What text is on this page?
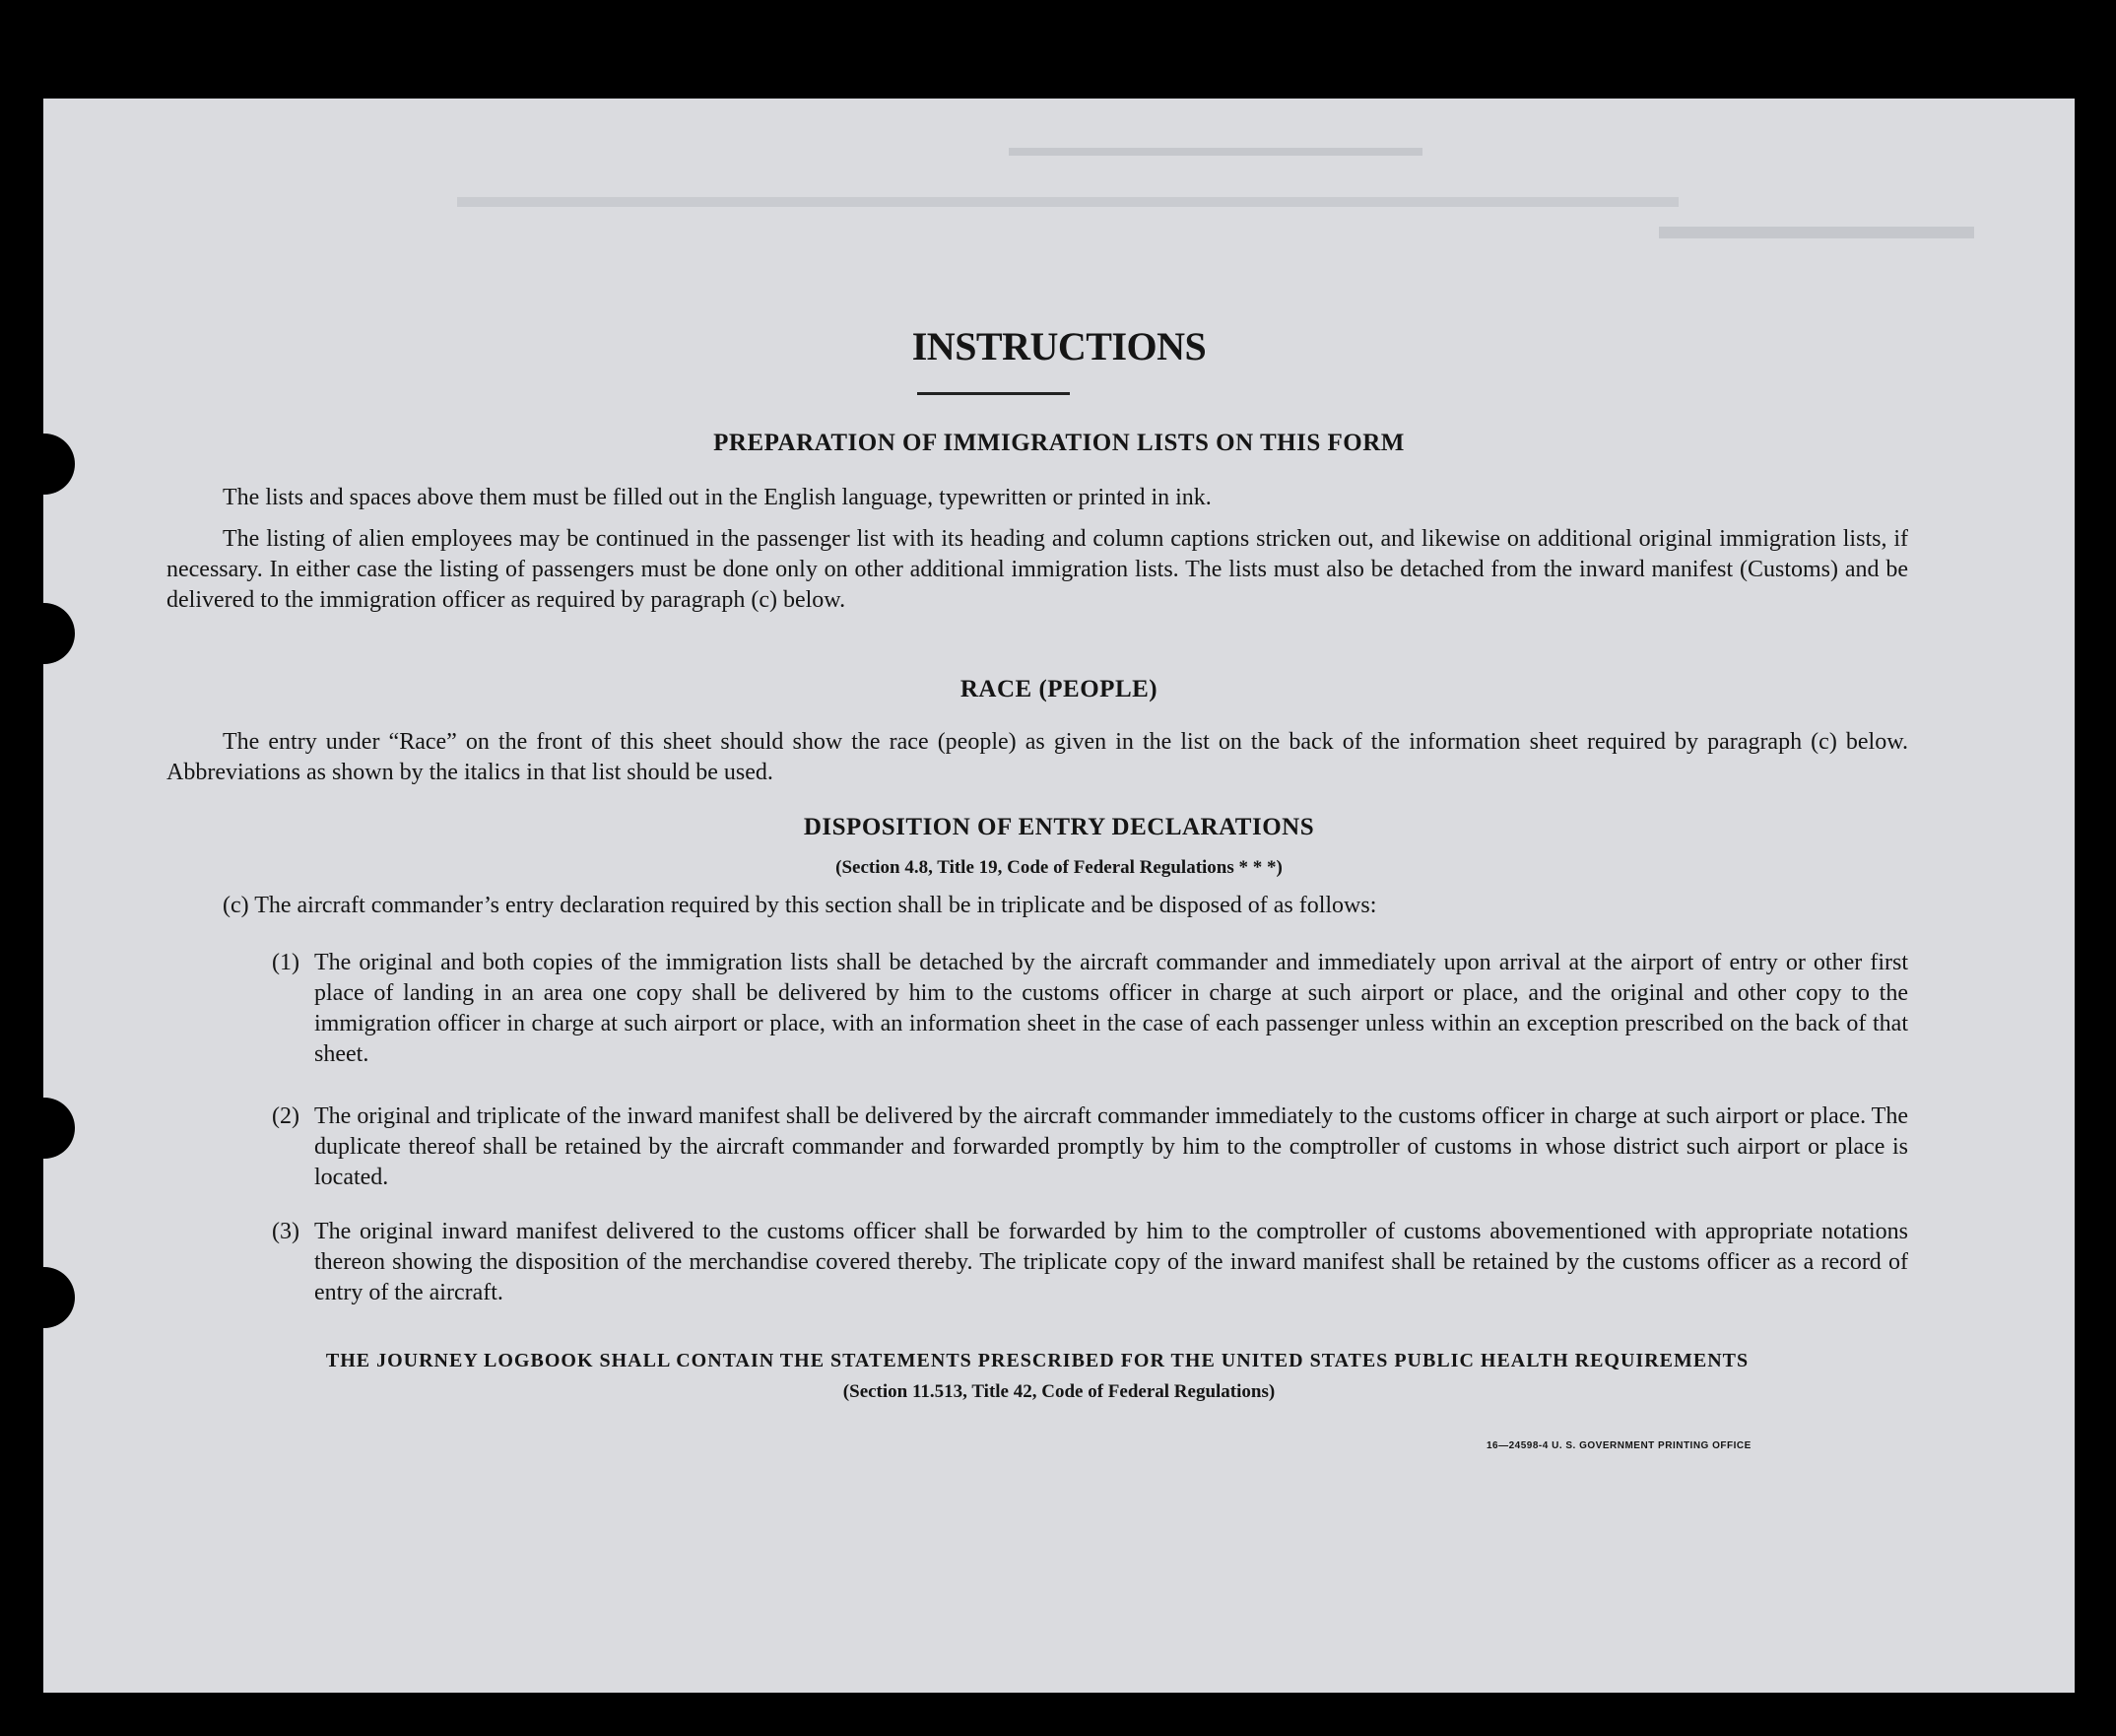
INSTRUCTIONS
PREPARATION OF IMMIGRATION LISTS ON THIS FORM

The lists and spaces above them must be filled out in the English language, typewritten or printed in ink.

The listing of alien employees may be continued in the passenger list with its heading and column captions stricken out, and likewise on additional original immigration lists, if necessary. In either case the listing of passengers must be done only on other additional immigration lists. The lists must also be detached from the inward manifest (Customs) and be delivered to the immigration officer as required by paragraph (c) below.

RACE (PEOPLE)

The entry under “Race” on the front of this sheet should show the race (people) as given in the list on the back of the information sheet required by paragraph (c) below. Abbreviations as shown by the italics in that list should be used.

DISPOSITION OF ENTRY DECLARATIONS
(Section 4.8, Title 19, Code of Federal Regulations * * *)

(c) The aircraft commander’s entry declaration required by this section shall be in triplicate and be disposed of as follows:

(1) The original and both copies of the immigration lists shall be detached by the aircraft commander and immediately upon arrival at the airport of entry or other first place of landing in an area one copy shall be delivered by him to the customs officer in charge at such airport or place, and the original and other copy to the immigration officer in charge at such airport or place, with an information sheet in the case of each passenger unless within an exception prescribed on the back of that sheet.
(2) The original and triplicate of the inward manifest shall be delivered by the aircraft commander immediately to the customs officer in charge at such airport or place. The duplicate thereof shall be retained by the aircraft commander and forwarded promptly by him to the comptroller of customs in whose district such airport or place is located.
(3) The original inward manifest delivered to the customs officer shall be forwarded by him to the comptroller of customs abovementioned with appropriate notations thereon showing the disposition of the merchandise covered thereby. The triplicate copy of the inward manifest shall be retained by the customs officer as a record of entry of the aircraft.
THE JOURNEY LOGBOOK SHALL CONTAIN THE STATEMENTS PRESCRIBED FOR THE UNITED STATES PUBLIC HEALTH REQUIREMENTS
(Section 11.513, Title 42, Code of Federal Regulations)
16—24598-4 U. S. GOVERNMENT PRINTING OFFICE
